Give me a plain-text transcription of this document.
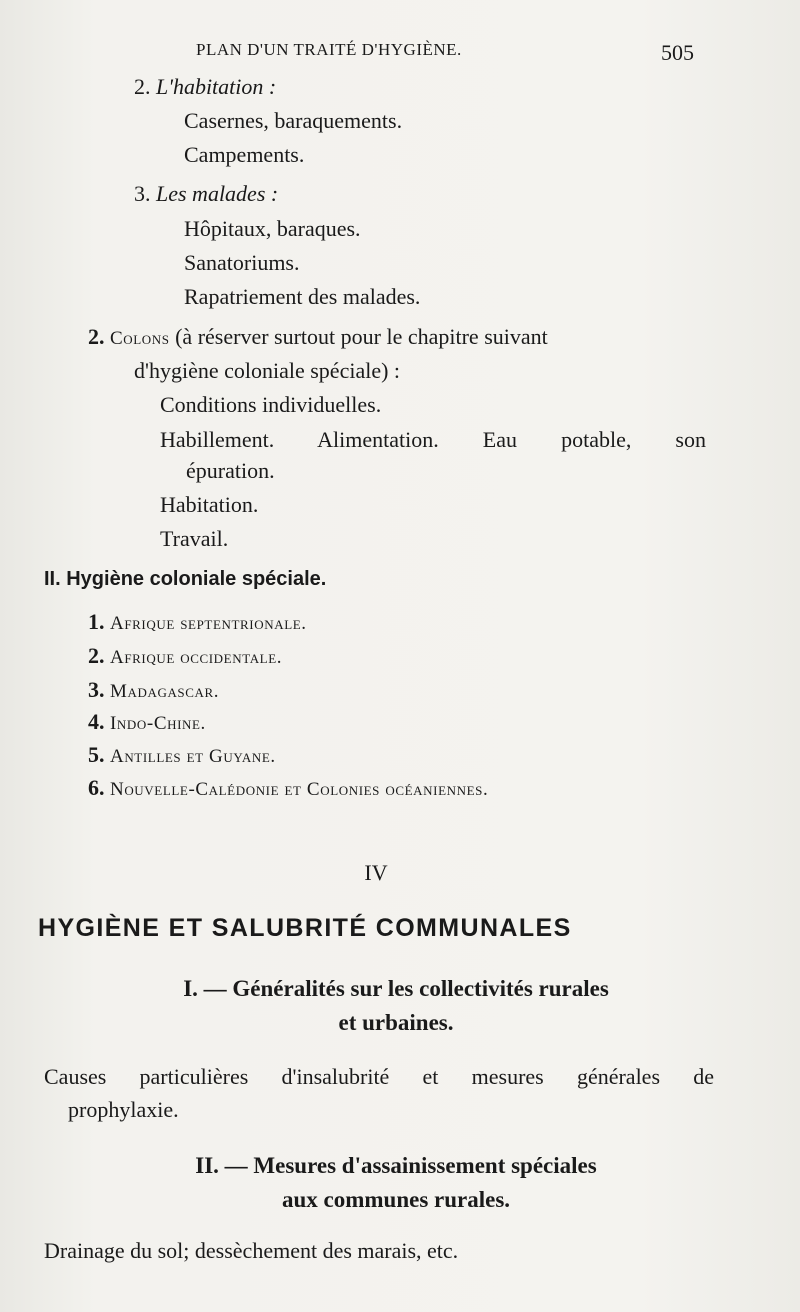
PLAN D'UN TRAITÉ D'HYGIÈNE.	505
2. L'habitation :
Casernes, baraquements.
Campements.
3. Les malades :
Hôpitaux, baraques.
Sanatoriums.
Rapatriement des malades.
2. Colons (à réserver surtout pour le chapitre suivant
d'hygiène coloniale spéciale) :
Conditions individuelles.
Habillement. Alimentation. Eau potable, son
épuration.
Habitation.
Travail.
II. Hygiène coloniale spéciale.
1. Afrique septentrionale.
2. Afrique occidentale.
3. Madagascar.
4. Indo-Chine.
5. Antilles et Guyane.
6. Nouvelle-Calédonie et Colonies océaniennes.
IV
HYGIÈNE ET SALUBRITÉ COMMUNALES
I. — Généralités sur les collectivités rurales
et urbaines.
Causes particulières d'insalubrité et mesures générales de
prophylaxie.
II. — Mesures d'assainissement spéciales
aux communes rurales.
Drainage du sol; dessèchement des marais, etc.
